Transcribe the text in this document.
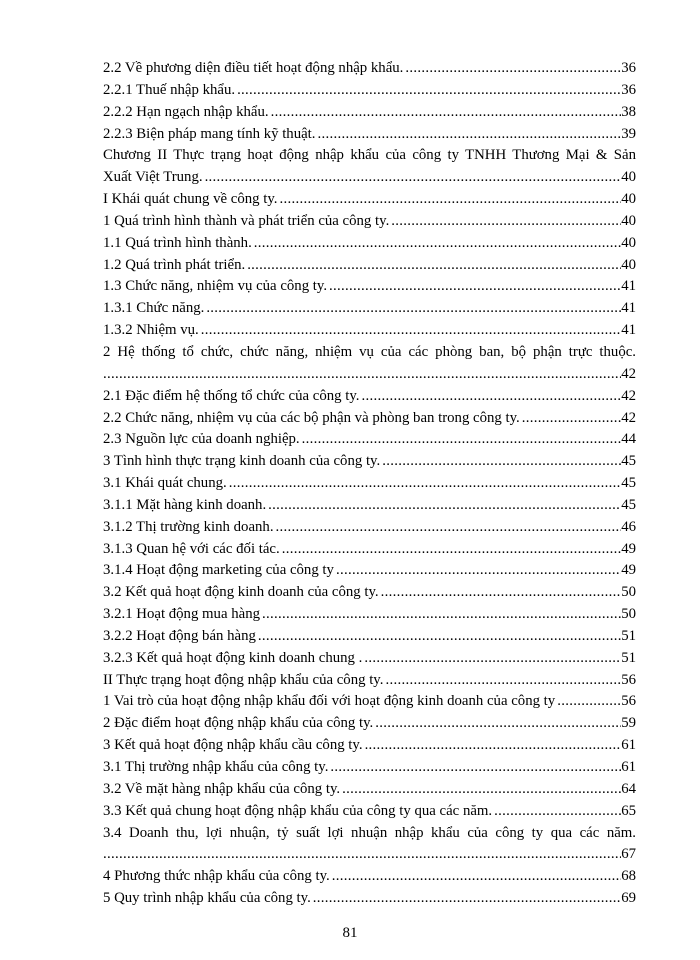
2.2 Về phương diện điều tiết hoạt động nhập khẩu. .....	36
2.2.1 Thuế nhập khẩu. .....	36
2.2.2 Hạn ngạch nhập khẩu. .....	38
2.2.3 Biện pháp mang tính kỹ thuật. .....	39
Chương II Thực trạng hoạt động nhập khẩu của công ty TNHH Thương Mại & Sản
Xuất Việt Trung. .....	40
I Khái quát chung về công ty. .....	40
1 Quá trình hình thành và phát triển của công ty. .....	40
1.1 Quá trình hình thành. .....	40
1.2 Quá trình phát triển. .....	40
1.3 Chức năng, nhiệm vụ của công ty. .....	41
1.3.1 Chức năng. .....	41
1.3.2 Nhiệm vụ. .....	41
2 Hệ thống tổ chức, chức năng, nhiệm vụ của các phòng ban, bộ phận trực thuộc.
.....
42
2.1 Đặc điểm hệ thống tổ chức của công ty. .....	42
2.2 Chức năng, nhiệm vụ của các bộ phận và phòng ban trong công ty. .....	42
2.3 Nguồn lực của doanh nghiệp. .....	44
3 Tình hình thực trạng kinh doanh của công ty. .....	45
3.1 Khái quát chung. .....	45
3.1.1 Mặt hàng kinh doanh. .....	45
3.1.2 Thị trường kinh doanh. .....	46
3.1.3 Quan hệ với các đối tác. .....	49
3.1.4 Hoạt động marketing của công ty .....	49
3.2 Kết quả hoạt động kinh doanh của công ty. .....	50
3.2.1 Hoạt động mua hàng .....	50
3.2.2 Hoạt động bán hàng .....	51
3.2.3 Kết quả hoạt động kinh doanh chung . .....	51
II Thực trạng hoạt động nhập khẩu của công ty. .....	56
1 Vai trò của hoạt động nhập khẩu đối với hoạt động kinh doanh của công ty .....	56
2 Đặc điểm hoạt động nhập khẩu của công ty. .....	59
3 Kết quả hoạt động nhập khẩu cầu công ty. .....	61
3.1 Thị trường nhập khẩu của công ty. .....	61
3.2 Về mặt hàng nhập khẩu của công ty. .....	64
3.3 Kết quả chung hoạt động nhập khẩu của công ty qua các năm. .....	65
3.4 Doanh thu, lợi nhuận, tỷ suất lợi nhuận nhập khẩu của công ty qua các năm.
.....
67
4 Phương thức nhập khẩu của công ty. .....	68
5 Quy trình nhập khẩu của công ty. .....	69
81
